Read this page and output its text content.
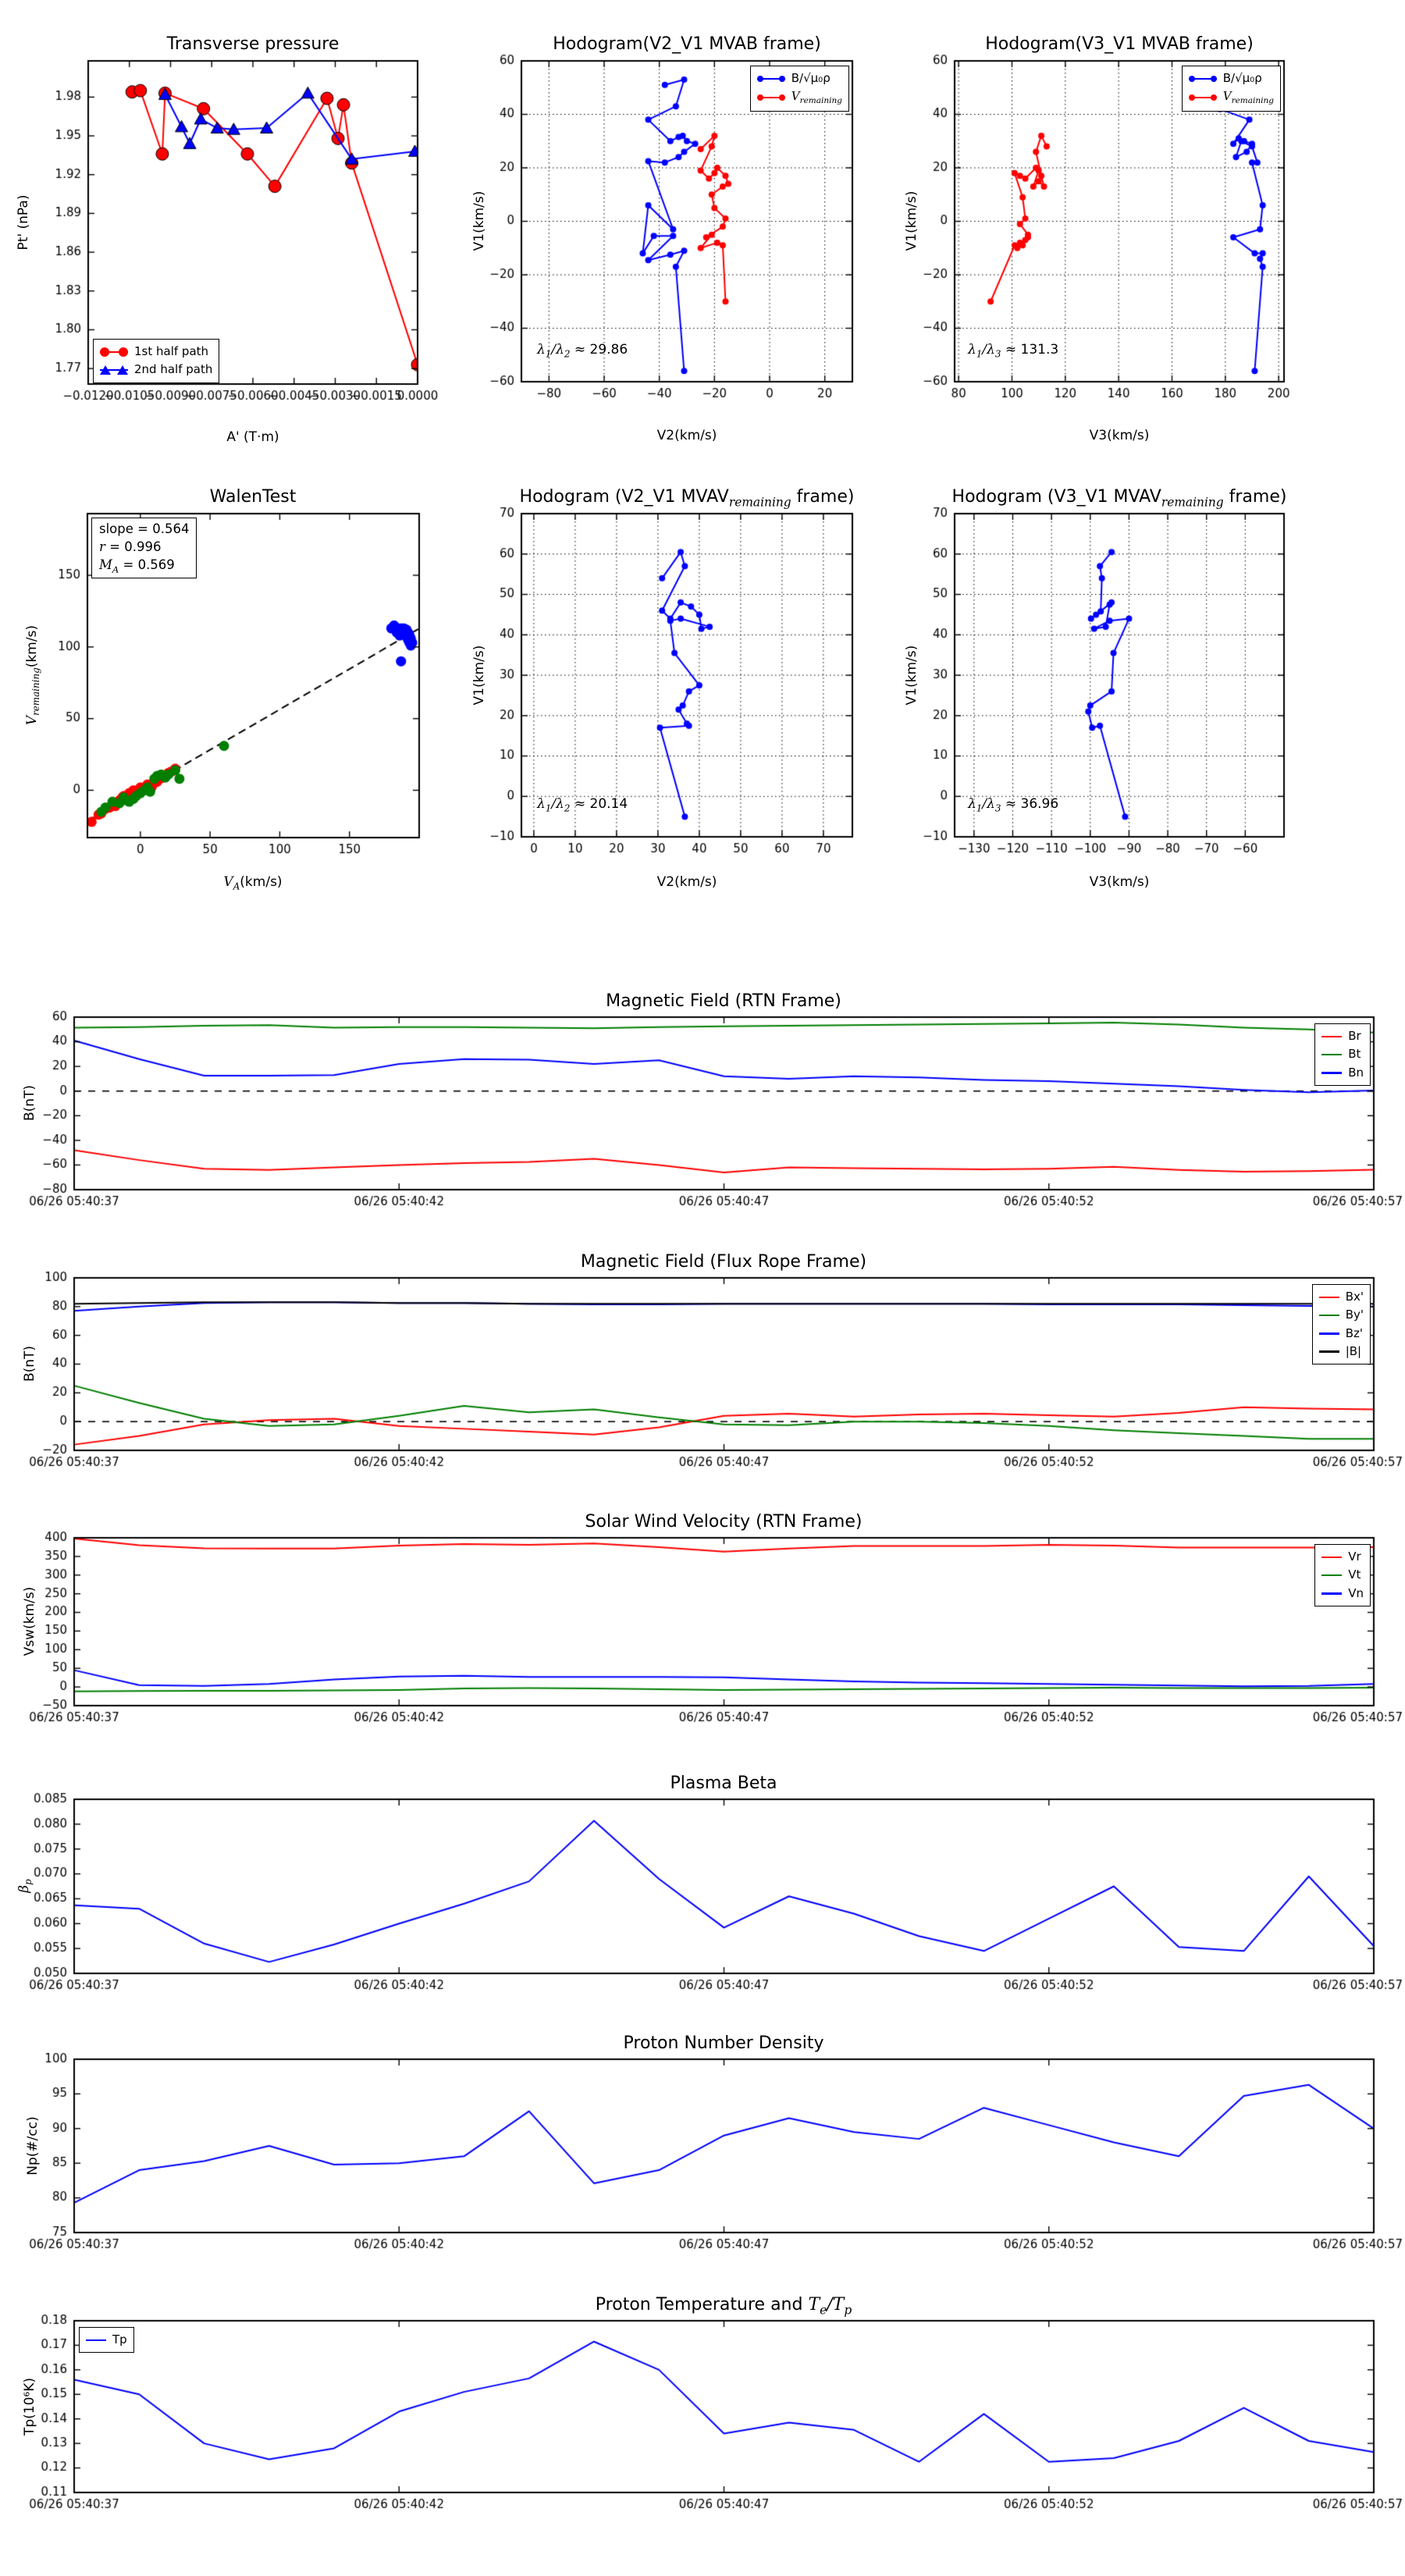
Transverse pressure	Hodogram(V2_V1 MVAB frame)	Hodogram(V3_V1 MVAB frame)
WalenTest	Hodogram (V2_V1 $MVAV_{remaining}$ frame)	Hodogram (V3_V1 $MVAV_{remaining}$ frame)
Magnetic Field (RTN Frame)
Magnetic Field (Flux Rope Frame)
Solar Wind Velocity (RTN Frame)
Plasma Beta
Proton Number Density
Proton Temperature and $T_e/T_p$
A' (T·m)	V2(km/s)	V3(km/s)
$V_A(km/s)$	V2(km/s)	V3(km/s)
Pt' (nPa)	V1(km/s)	V1(km/s)
$V_{remaining}(km/s)$	V1(km/s)	V1(km/s)
B(nT)
B(nT)
Vsw(km/s)
$\beta_p$
Np(#/cc)
Tp(10⁶K)
$\lambda_1/\lambda_2 \approx 29.86$	$\lambda_1/\lambda_3 \approx 131.3$
$\lambda_1/\lambda_2 \approx 20.14$	$\lambda_1/\lambda_3 \approx 36.96$
slope = 0.564
r = 0.996
$M_A = 0.569$
1st half path
2nd half path
B/√μ₀ρ
$V_{remaining}$
B/√μ₀ρ
$V_{remaining}$
Br
Bt
Bn
Bx'
By'
Bz'
|B|
Vr
Vt
Vn
Tp
